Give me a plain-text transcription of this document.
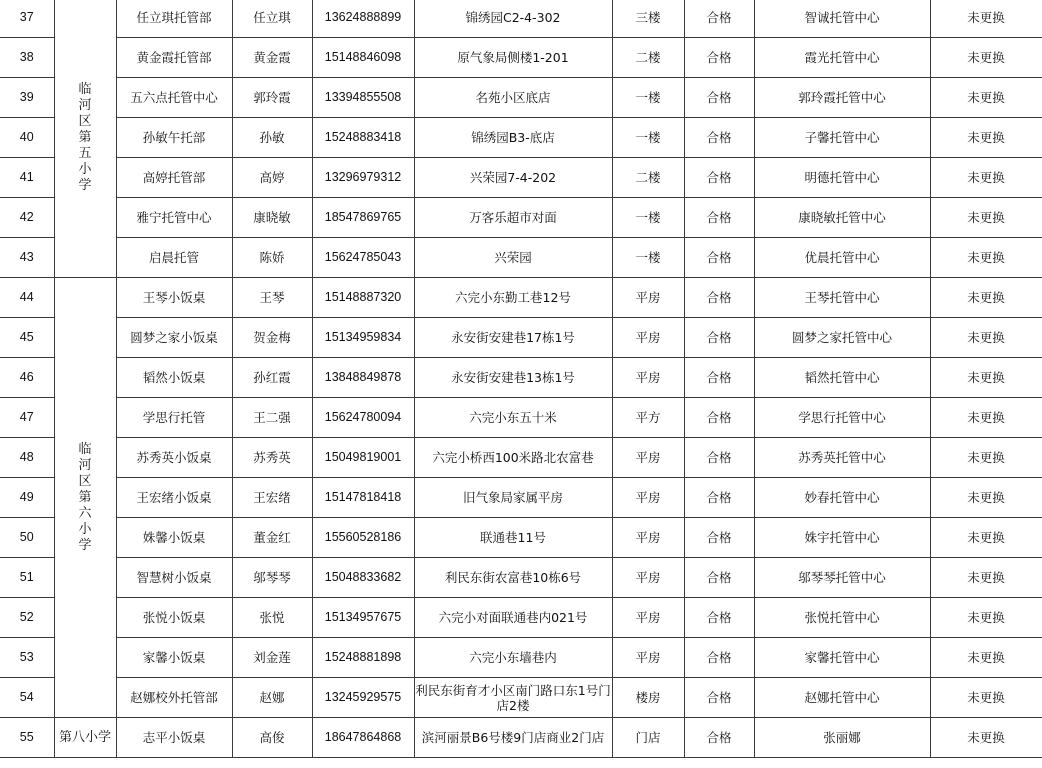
37	临河区第五小学	任立琪托管部	任立琪	13624888899	锦绣园C2-4-302	三楼	合格	智诚托管中心	未更换
38		黄金霞托管部	黄金霞	15148846098	原气象局侧楼1-201	二楼	合格	霞光托管中心	未更换
39		五六点托管中心	郭玲霞	13394855508	名苑小区底店	一楼	合格	郭玲霞托管中心	未更换
40		孙敏午托部	孙敏	15248883418	锦绣园B3-底店	一楼	合格	子馨托管中心	未更换
41		高婷托管部	高婷	13296979312	兴荣园7-4-202	二楼	合格	明德托管中心	未更换
42		雅宁托管中心	康晓敏	18547869765	万客乐超市对面	一楼	合格	康晓敏托管中心	未更换
43		启晨托管	陈娇	15624785043	兴荣园	一楼	合格	优晨托管中心	未更换
44	临河区第六小学	王琴小饭桌	王琴	15148887320	六完小东勤工巷12号	平房	合格	王琴托管中心	未更换
45		圆梦之家小饭桌	贺金梅	15134959834	永安街安建巷17栋1号	平房	合格	圆梦之家托管中心	未更换
46		韬然小饭桌	孙红霞	13848849878	永安街安建巷13栋1号	平房	合格	韬然托管中心	未更换
47		学思行托管	王二强	15624780094	六完小东五十米	平方	合格	学思行托管中心	未更换
48		苏秀英小饭桌	苏秀英	15049819001	六完小桥西100米路北农富巷	平房	合格	苏秀英托管中心	未更换
49		王宏绪小饭桌	王宏绪	15147818418	旧气象局家属平房	平房	合格	妙春托管中心	未更换
50		姝馨小饭桌	董金红	15560528186	联通巷11号	平房	合格	姝宇托管中心	未更换
51		智慧树小饭桌	邬琴琴	15048833682	利民东街农富巷10栋6号	平房	合格	邬琴琴托管中心	未更换
52		张悦小饭桌	张悦	15134957675	六完小对面联通巷内021号	平房	合格	张悦托管中心	未更换
53		家馨小饭桌	刘金莲	15248881898	六完小东墙巷内	平房	合格	家馨托管中心	未更换
54		赵娜校外托管部	赵娜	13245929575	利民东街育才小区南门路口东1号门店2楼	楼房	合格	赵娜托管中心	未更换
55	第八小学	志平小饭桌	高俊	18647864868	滨河丽景B6号楼9门店商业2门店	门店	合格	张丽娜	未更换
